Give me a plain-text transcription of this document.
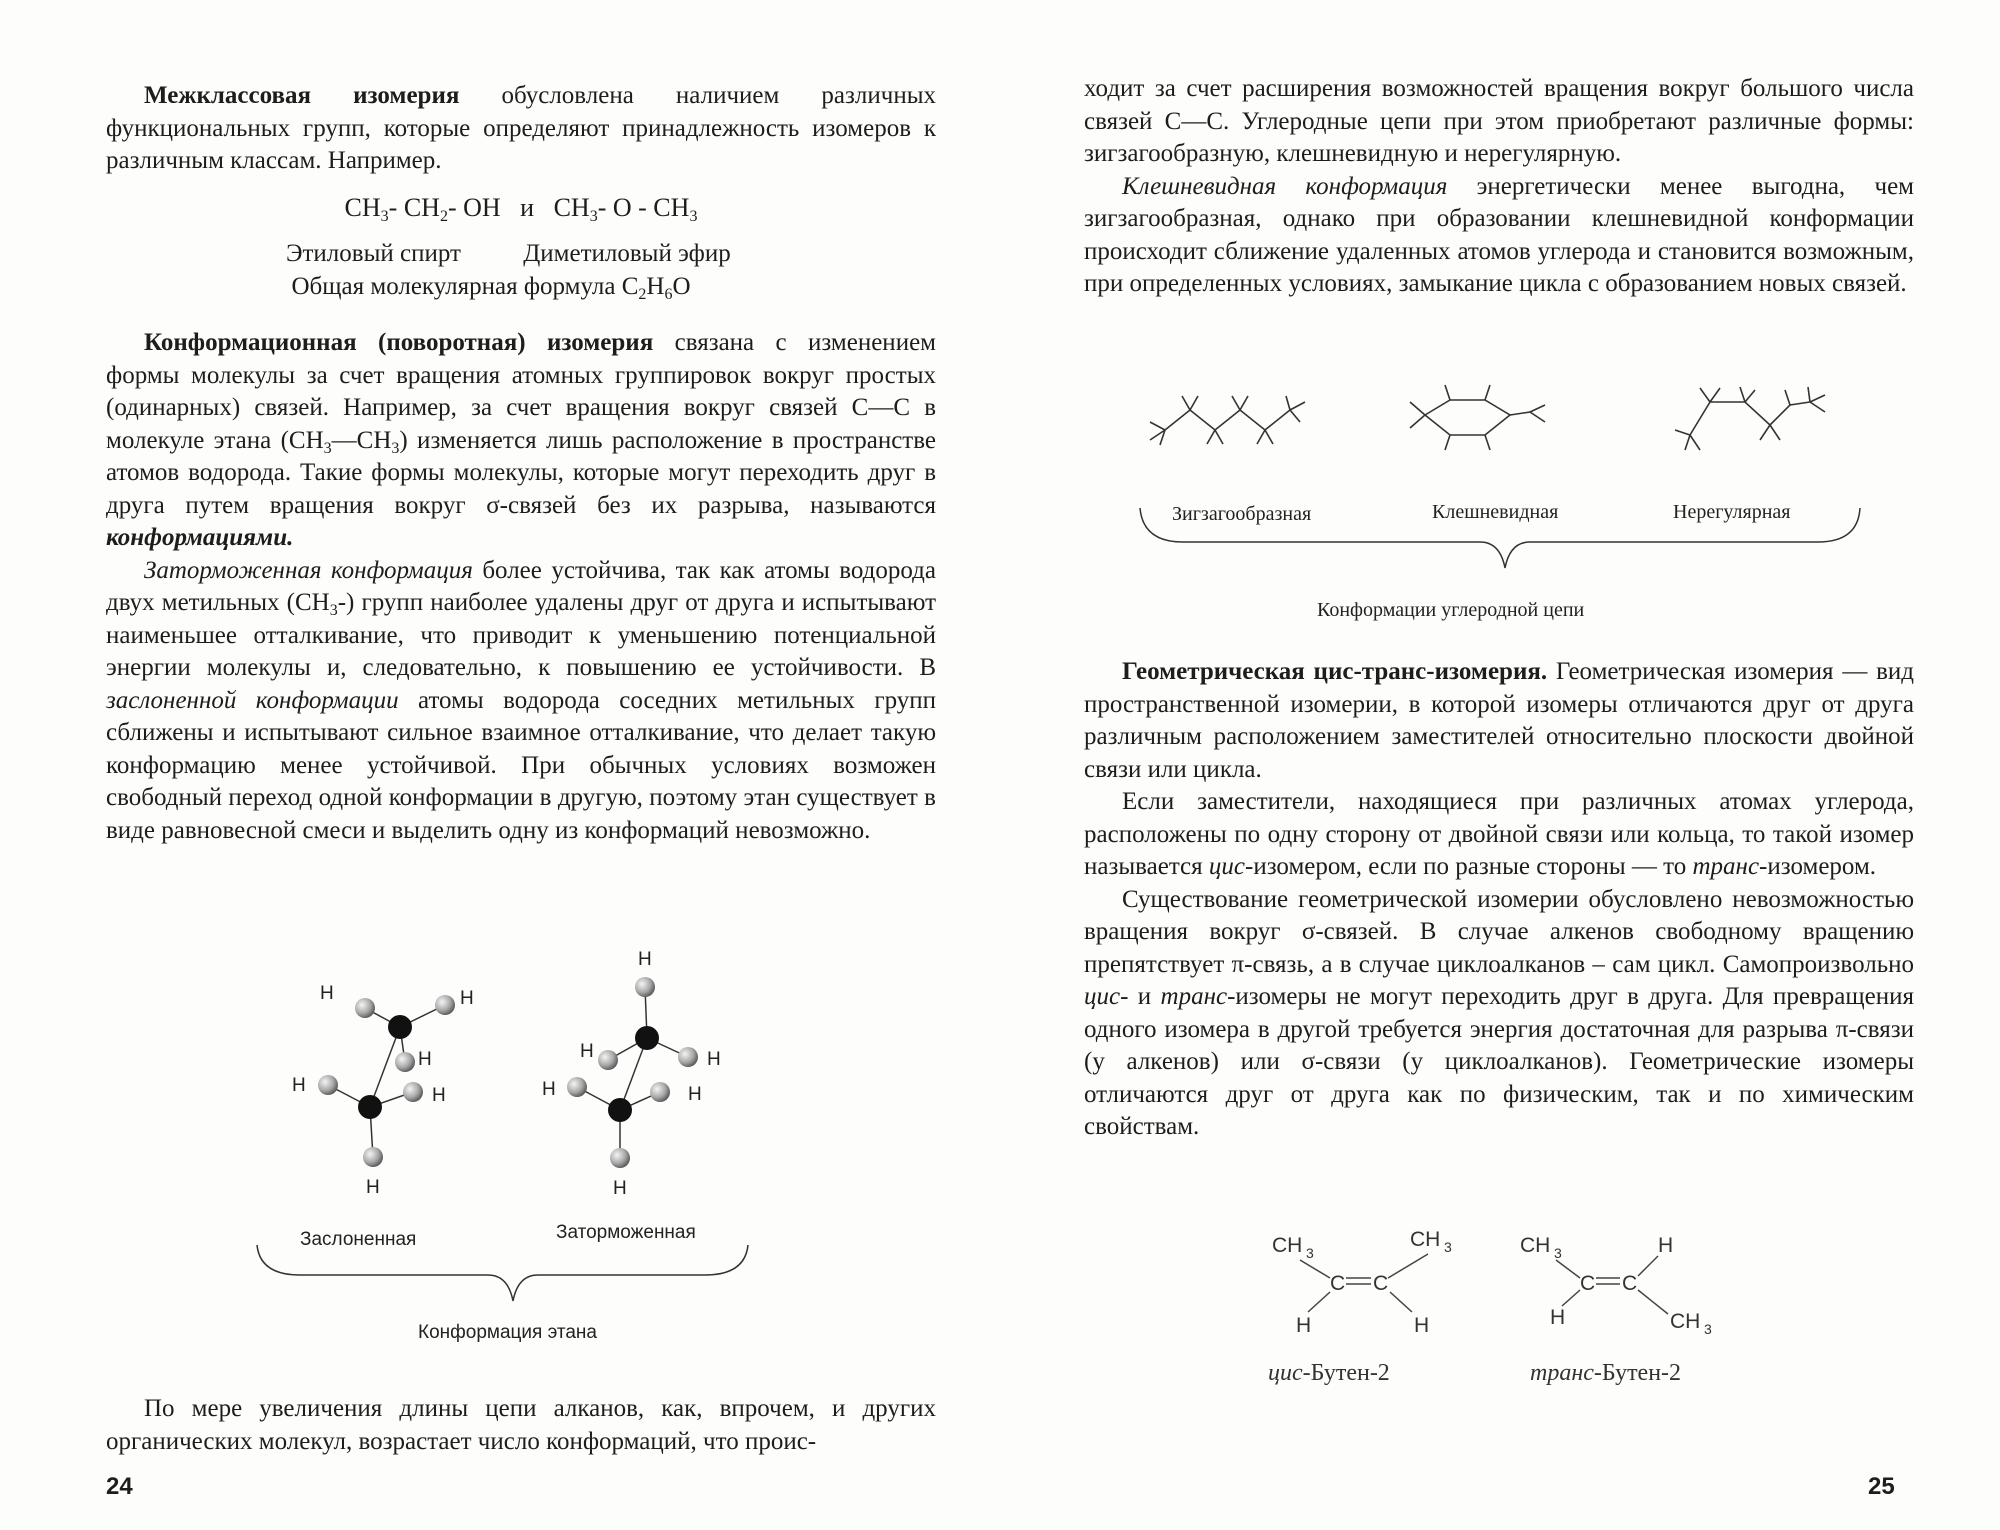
Межклассовая изомерия обусловлена наличием различных функциональных групп, которые определяют принадлежность изомеров к различным классам. Например.

$CH_3-$ $CH_2-$ OH и $CH_3-$ O - $CH_3$
Этиловый спирт Диметиловый эфир
Общая молекулярная формула $C_2H_6O$

Конформационная (поворотная) изомерия связана с изменением формы молекулы за счет вращения атомных группировок вокруг простых (одинарных) связей. Например, за счет вращения вокруг связей С—С в молекуле этана $(СН_3—СН_3)$ изменяется лишь расположение в пространстве атомов водорода. Такие формы молекулы, которые могут переходить друг в друга путем вращения вокруг σ-связей без их разрыва, называются конформациями.

Заторможенная конформация более устойчива, так как атомы водорода двух метильных $(СН_3-)$ групп наиболее удалены друг от друга и испытывают наименьшее отталкивание, что приводит к уменьшению потенциальной энергии молекулы и, следовательно, к повышению ее устойчивости. В заслоненной конформации атомы водорода соседних метильных групп сближены и испытывают сильное взаимное отталкивание, что делает такую конформацию менее устойчивой. При обычных условиях возможен свободный переход одной конформации в другую, поэтому этан существует в виде равновесной смеси и выделить одну из конформаций невозможно.

H	H
H
H	H
H
H
H	H
H	H
H
Заслоненная	Заторможенная
Конформация этана

По мере увеличения длины цепи алканов, как, впрочем, и других органических молекул, возрастает число конформаций, что проис-

24

ходит за счет расширения возможностей вращения вокруг большого числа связей С—С. Углеродные цепи при этом приобретают различные формы: зигзагообразную, клешневидную и нерегулярную.

Клешневидная конформация энергетически менее выгодна, чем зигзагообразная, однако при образовании клешневидной конформации происходит сближение удаленных атомов углерода и становится возможным, при определенных условиях, замыкание цикла с образованием новых связей.

Зигзагообразная	Клешневидная	Нерегулярная
Конформации углеродной цепи

Геометрическая цис-транс-изомерия. Геометрическая изомерия — вид пространственной изомерии, в которой изомеры отличаются друг от друга различным расположением заместителей относительно плоскости двойной связи или цикла.

Если заместители, находящиеся при различных атомах углерода, расположены по одну сторону от двойной связи или кольца, то такой изомер называется цис-изомером, если по разные стороны — то транс-изомером.

Существование геометрической изомерии обусловлено невозможностью вращения вокруг σ-связей. В случае алкенов свободному вращению препятствует π-связь, а в случае циклоалканов – сам цикл. Самопроизвольно цис- и транс-изомеры не могут переходить друг в друга. Для превращения одного изомера в другой требуется энергия достаточная для разрыва π-связи (у алкенов) или σ-связи (у циклоалканов). Геометрические изомеры отличаются друг от друга как по физическим, так и по химическим свойствам.

CH 3
CH 3
C C
H	H
цис-Бутен-2
CH 3	H
C C
H	CH 3
транс-Бутен-2
25
